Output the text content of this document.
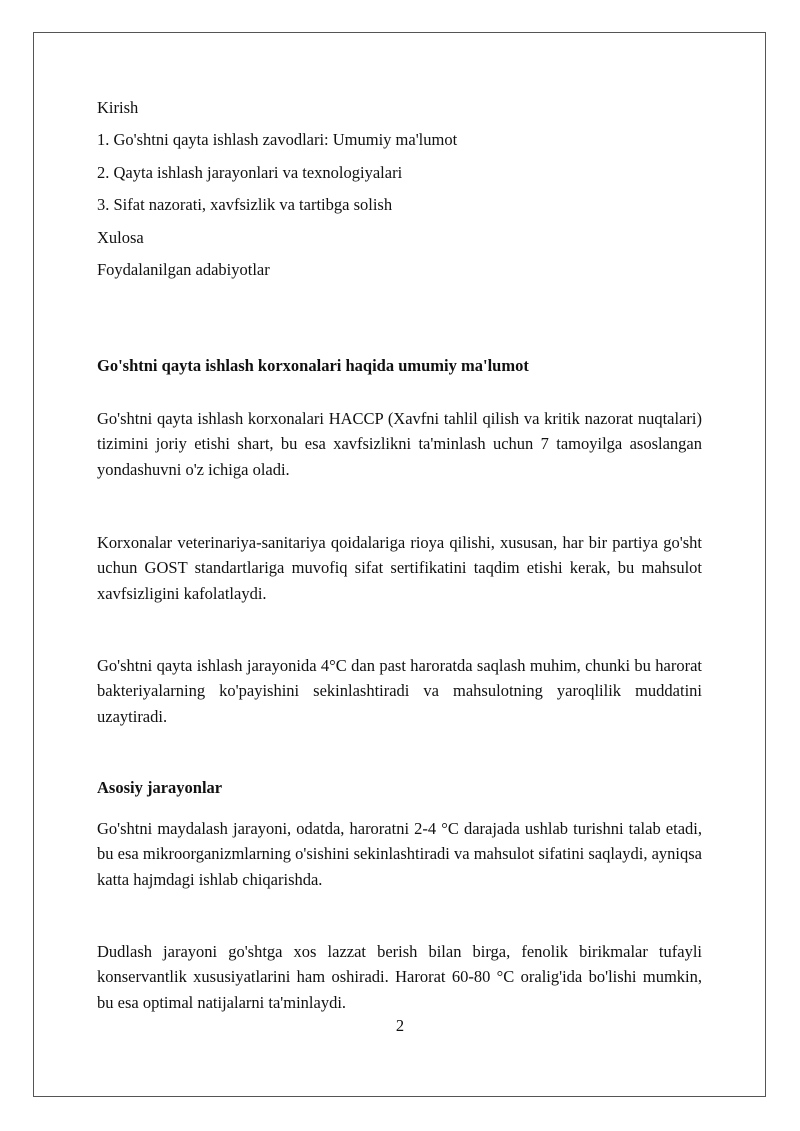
Kirish
1. Go'shtni qayta ishlash zavodlari: Umumiy ma'lumot
2. Qayta ishlash jarayonlari va texnologiyalari
3. Sifat nazorati, xavfsizlik va tartibga solish
Xulosa
Foydalanilgan adabiyotlar
Go'shtni qayta ishlash korxonalari haqida umumiy ma'lumot

Go'shtni qayta ishlash korxonalari HACCP (Xavfni tahlil qilish va kritik nazorat nuqtalari) tizimini joriy etishi shart, bu esa xavfsizlikni ta'minlash uchun 7 tamoyilga asoslangan yondashuvni o'z ichiga oladi.

Korxonalar veterinariya-sanitariya qoidalariga rioya qilishi, xususan, har bir partiya go'sht uchun GOST standartlariga muvofiq sifat sertifikatini taqdim etishi kerak, bu mahsulot xavfsizligini kafolatlaydi.

Go'shtni qayta ishlash jarayonida 4°C dan past haroratda saqlash muhim, chunki bu harorat bakteriyalarning ko'payishini sekinlashtiradi va mahsulotning yaroqlilik muddatini uzaytiradi.

Asosiy jarayonlar

Go'shtni maydalash jarayoni, odatda, haroratni 2-4 °C darajada ushlab turishni talab etadi, bu esa mikroorganizmlarning o'sishini sekinlashtiradi va mahsulot sifatini saqlaydi, ayniqsa katta hajmdagi ishlab chiqarishda.

Dudlash jarayoni go'shtga xos lazzat berish bilan birga, fenolik birikmalar tufayli konservantlik xususiyatlarini ham oshiradi. Harorat 60-80 °C oralig'ida bo'lishi mumkin, bu esa optimal natijalarni ta'minlaydi.

2
